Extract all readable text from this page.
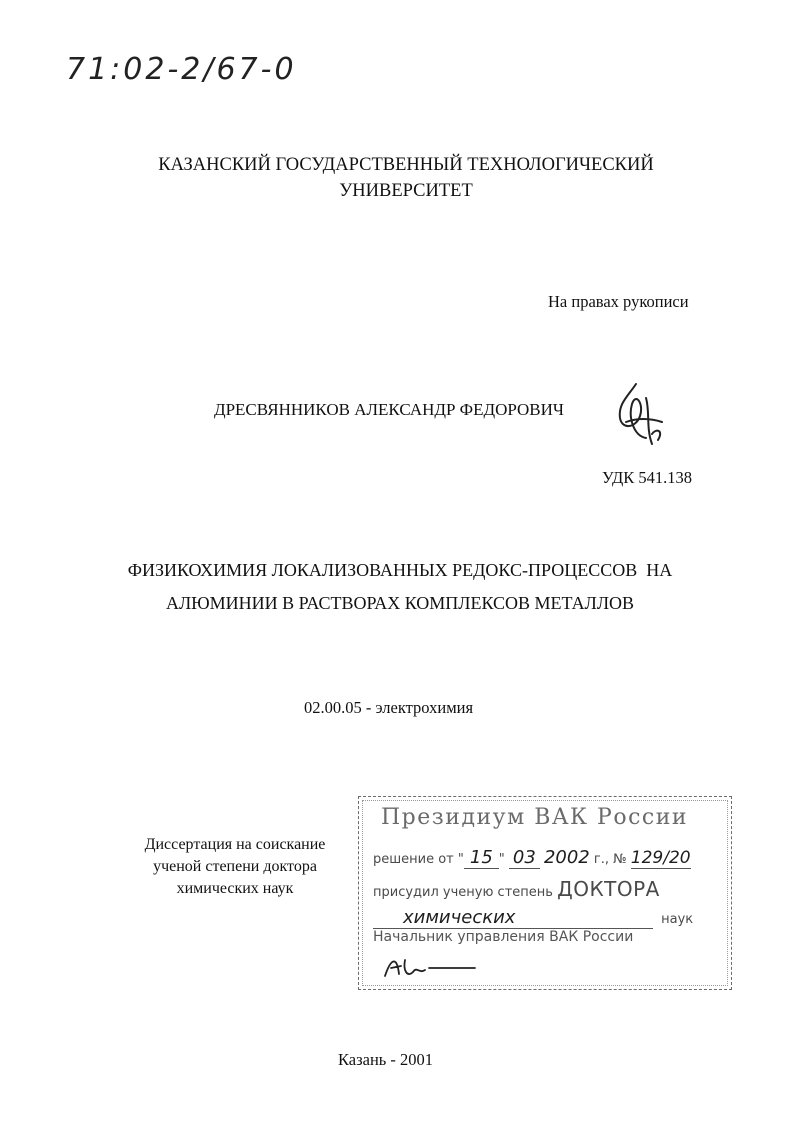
71:02-2/67-0
КАЗАНСКИЙ ГОСУДАРСТВЕННЫЙ ТЕХНОЛОГИЧЕСКИЙ
УНИВЕРСИТЕТ
На правах рукописи
ДРЕСВЯННИКОВ АЛЕКСАНДР ФЕДОРОВИЧ
УДК 541.138
ФИЗИКОХИМИЯ ЛОКАЛИЗОВАННЫХ РЕДОКС-ПРОЦЕССОВ  НА
АЛЮМИНИИ В РАСТВОРАХ КОМПЛЕКСОВ МЕТАЛЛОВ
02.00.05 - электрохимия
Диссертация на соискание
ученой степени доктора
химических наук
Президиум ВАК России
решение от " 15 " 03 2002 г., № 129/20
присудил ученую степень ДОКТОРА
химических	наук
Начальник управления ВАК России
Казань - 2001
